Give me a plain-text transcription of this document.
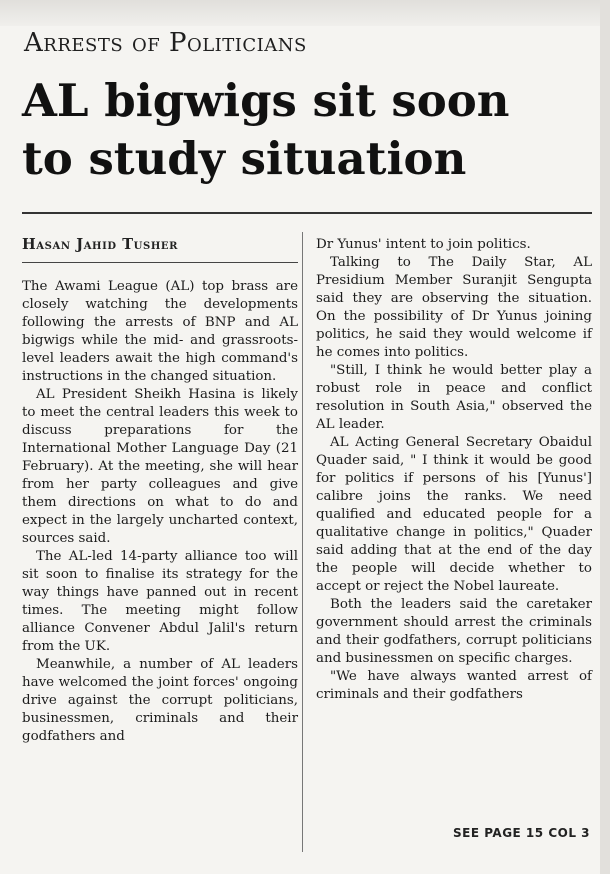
Arrests of Politicians
AL bigwigs sit soon
to study situation
Hasan Jahid Tusher

The Awami League (AL) top brass are closely watching the developments following the arrests of BNP and AL bigwigs while the mid- and grassroots-level leaders await the high command's instructions in the changed situation.

AL President Sheikh Hasina is likely to meet the central leaders this week to discuss preparations for the International Mother Language Day (21 February). At the meeting, she will hear from her party colleagues and give them directions on what to do and expect in the largely uncharted context, sources said.

The AL-led 14-party alliance too will sit soon to finalise its strategy for the way things have panned out in recent times. The meeting might follow alliance Convener Abdul Jalil's return from the UK.

Meanwhile, a number of AL leaders have welcomed the joint forces' ongoing drive against the corrupt politicians, businessmen, criminals and their godfathers and

Dr Yunus' intent to join politics.

Talking to The Daily Star, AL Presidium Member Suranjit Sengupta said they are observing the situation. On the possibility of Dr Yunus joining politics, he said they would welcome if he comes into politics.

"Still, I think he would better play a robust role in peace and conflict resolution in South Asia," observed the AL leader.

AL Acting General Secretary Obaidul Quader said, " I think it would be good for politics if persons of his [Yunus'] calibre joins the ranks. We need qualified and educated people for a qualitative change in politics," Quader said adding that at the end of the day the people will decide whether to accept or reject the Nobel laureate.

Both the leaders said the caretaker government should arrest the criminals and their godfathers, corrupt politicians and businessmen on specific charges.

"We have always wanted arrest of criminals and their godfathers

SEE PAGE 15 COL 3
